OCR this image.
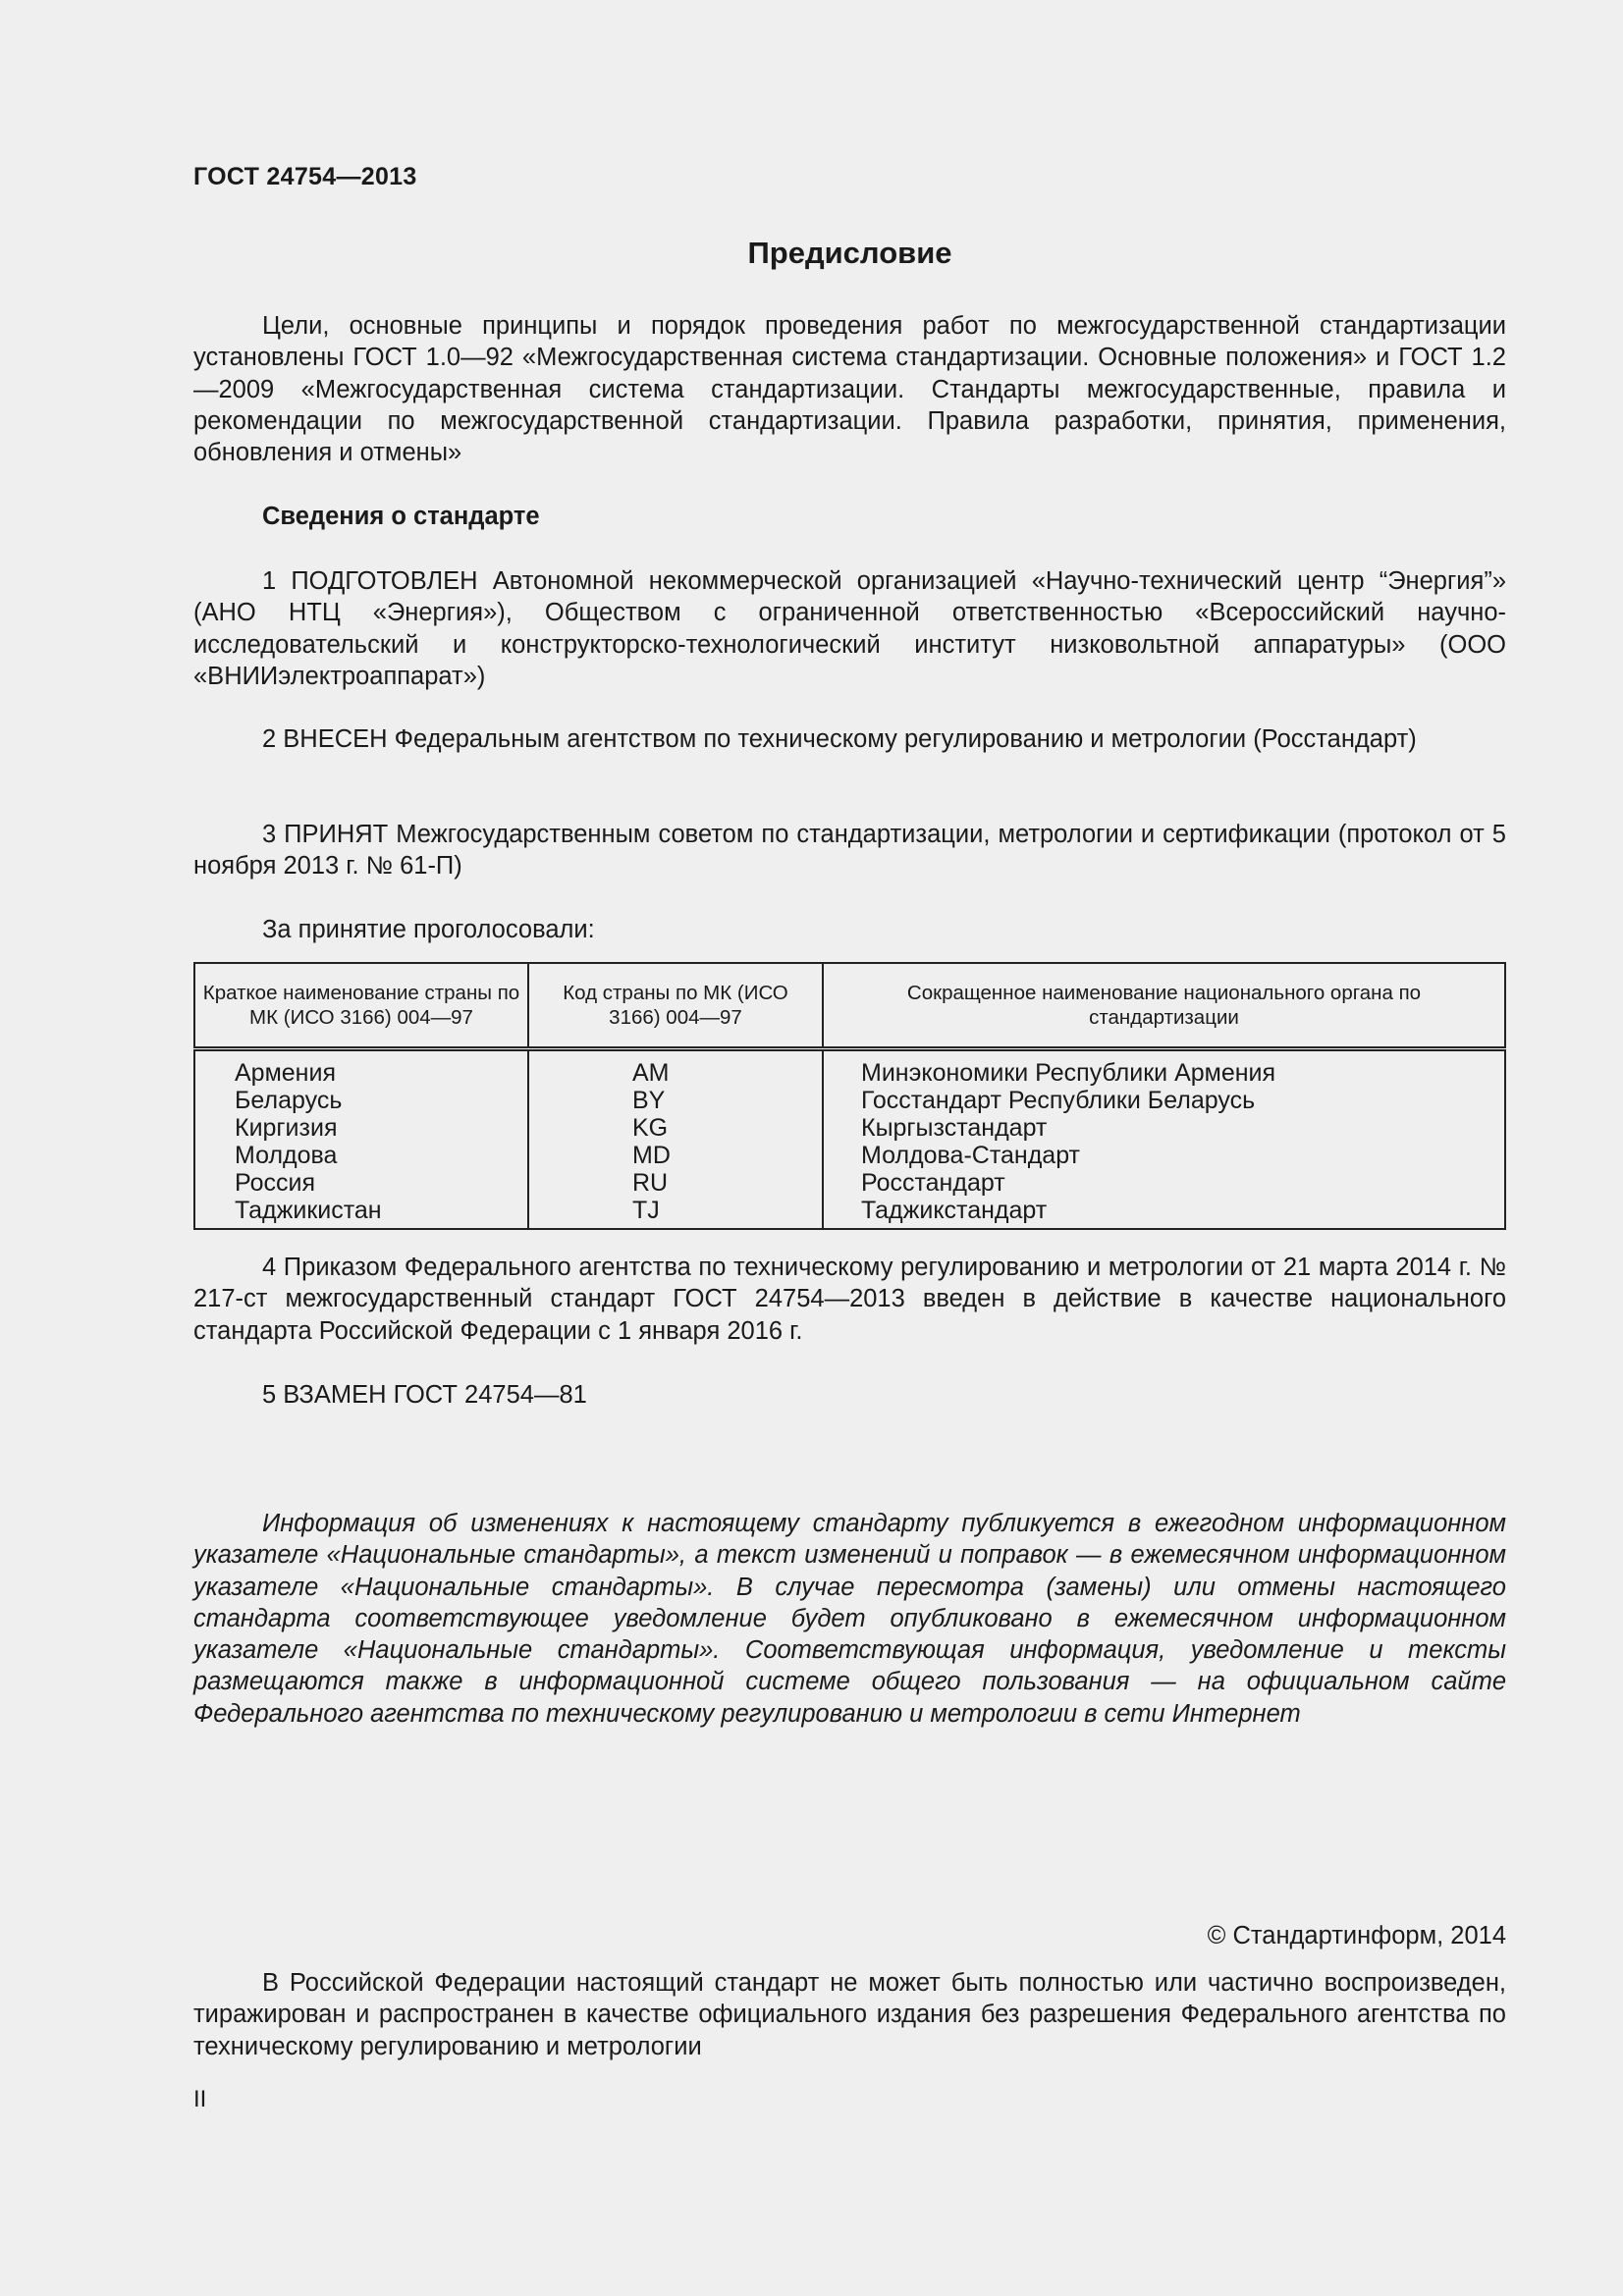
ГОСТ 24754—2013
Предисловие
Цели, основные принципы и порядок проведения работ по межгосударственной стандартизации установлены ГОСТ 1.0—92 «Межгосударственная система стандартизации. Основные положения» и ГОСТ 1.2—2009 «Межгосударственная система стандартизации. Стандарты межгосударственные, правила и рекомендации по межгосударственной стандартизации. Правила разработки, принятия, применения, обновления и отмены»
Сведения о стандарте
1 ПОДГОТОВЛЕН Автономной некоммерческой организацией «Научно-технический центр “Энергия”» (АНО НТЦ «Энергия»), Обществом с ограниченной ответственностью «Всероссийский научно-исследовательский и конструкторско-технологический институт низковольтной аппаратуры» (ООО «ВНИИэлектроаппарат»)
2 ВНЕСЕН Федеральным агентством по техническому регулированию и метрологии (Росстандарт)
3 ПРИНЯТ Межгосударственным советом по стандартизации, метрологии и сертификации (протокол от 5 ноября 2013 г. № 61-П)
За принятие проголосовали:
Краткое наименование страны по МК (ИСО 3166) 004—97	Код страны по МК (ИСО 3166) 004—97	Сокращенное наименование национального органа по стандартизации
Армения	AM	Минэкономики Республики Армения
Беларусь	BY	Госстандарт Республики Беларусь
Киргизия	KG	Кыргызстандарт
Молдова	MD	Молдова-Стандарт
Россия	RU	Росстандарт
Таджикистан	TJ	Таджикстандарт
4 Приказом Федерального агентства по техническому регулированию и метрологии от 21 марта 2014 г. № 217-ст межгосударственный стандарт ГОСТ 24754—2013 введен в действие в качестве национального стандарта Российской Федерации с 1 января 2016 г.
5 ВЗАМЕН ГОСТ 24754—81
Информация об изменениях к настоящему стандарту публикуется в ежегодном информационном указателе «Национальные стандарты», а текст изменений и поправок — в ежемесячном информационном указателе «Национальные стандарты». В случае пересмотра (замены) или отмены настоящего стандарта соответствующее уведомление будет опубликовано в ежемесячном информационном указателе «Национальные стандарты». Соответствующая информация, уведомление и тексты размещаются также в информационной системе общего пользования — на официальном сайте Федерального агентства по техническому регулированию и метрологии в сети Интернет
© Стандартинформ, 2014
В Российской Федерации настоящий стандарт не может быть полностью или частично воспроизведен, тиражирован и распространен в качестве официального издания без разрешения Федерального агентства по техническому регулированию и метрологии
II
